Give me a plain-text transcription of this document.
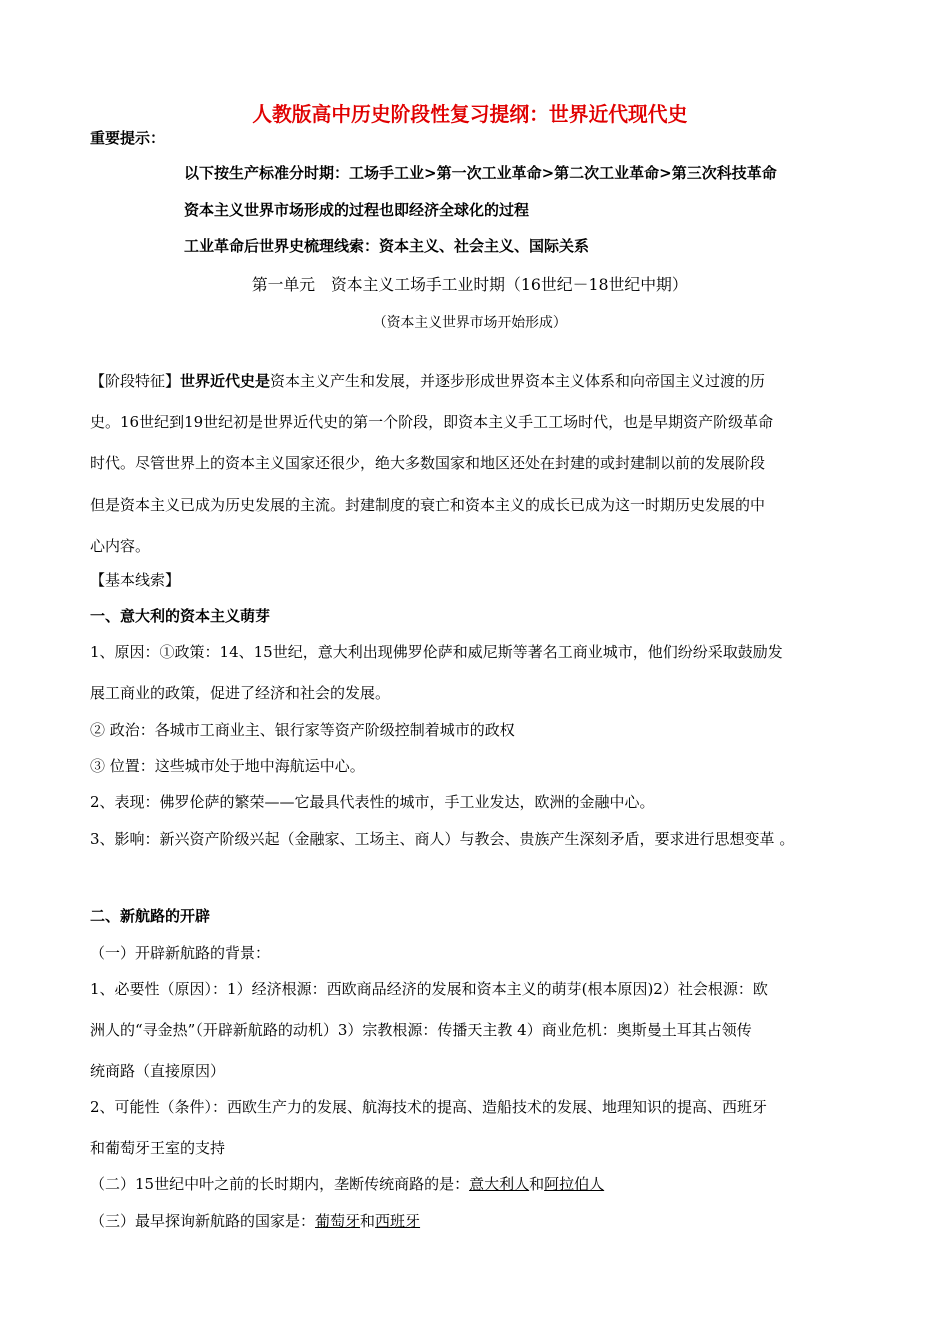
人教版高中历史阶段性复习提纲：世界近代现代史
重要提示：
以下按生产标准分时期：工场手工业>第一次工业革命>第二次工业革命>第三次科技革命
资本主义世界市场形成的过程也即经济全球化的过程
工业革命后世界史梳理线索：资本主义、社会主义、国际关系
第一单元　资本主义工场手工业时期（16世纪－18世纪中期）
（资本主义世界市场开始形成）
【阶段特征】世界近代史是资本主义产生和发展，并逐步形成世界资本主义体系和向帝国主义过渡的历
史。16世纪到19世纪初是世界近代史的第一个阶段，即资本主义手工工场时代，也是早期资产阶级革命
时代。尽管世界上的资本主义国家还很少，绝大多数国家和地区还处在封建的或封建制以前的发展阶段
但是资本主义已成为历史发展的主流。封建制度的衰亡和资本主义的成长已成为这一时期历史发展的中
心内容。
【基本线索】
一、意大利的资本主义萌芽
1、原因：①政策：14、15世纪，意大利出现佛罗伦萨和威尼斯等著名工商业城市，他们纷纷采取鼓励发
展工商业的政策，促进了经济和社会的发展。
② 政治：各城市工商业主、银行家等资产阶级控制着城市的政权
③ 位置：这些城市处于地中海航运中心。
2、表现：佛罗伦萨的繁荣——它最具代表性的城市，手工业发达，欧洲的金融中心。
3、影响：新兴资产阶级兴起（金融家、工场主、商人）与教会、贵族产生深刻矛盾，要求进行思想变革 。
二、新航路的开辟
（一）开辟新航路的背景：
1、必要性（原因）：1）经济根源：西欧商品经济的发展和资本主义的萌芽(根本原因)2）社会根源：欧
洲人的“寻金热”（开辟新航路的动机）3）宗教根源：传播天主教 4）商业危机：奥斯曼土耳其占领传
统商路（直接原因）
2、可能性（条件）：西欧生产力的发展、航海技术的提高、造船技术的发展、地理知识的提高、西班牙
和葡萄牙王室的支持
（二）15世纪中叶之前的长时期内，垄断传统商路的是：意大利人和阿拉伯人
（三）最早探询新航路的国家是：葡萄牙和西班牙
